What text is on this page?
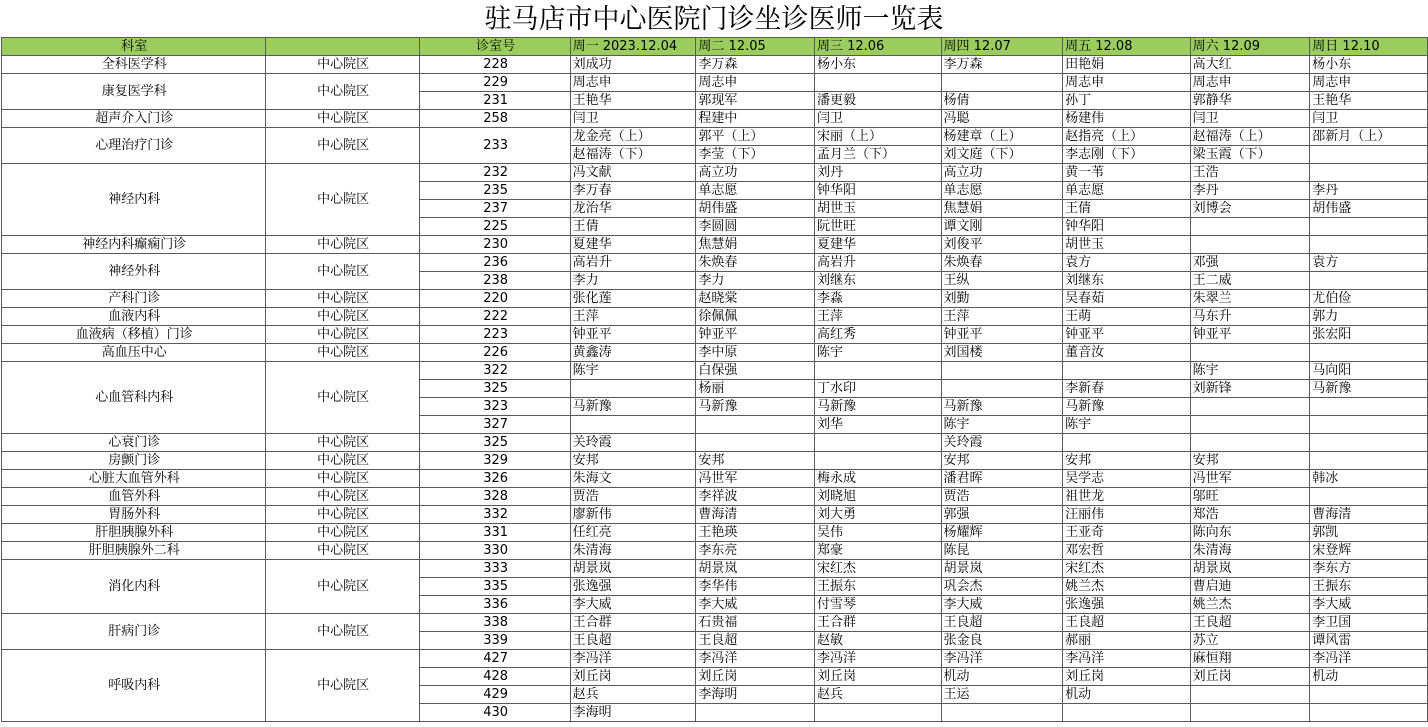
驻马店市中心医院门诊坐诊医师一览表
科室		诊室号	周一 2023.12.04	周二 12.05	周三 12.06	周四 12.07	周五 12.08	周六 12.09	周日 12.10
全科医学科	中心院区	228	刘成功	李万森	杨小东	李万森	田艳娟	高大红	杨小东
康复医学科	中心院区	229	周志申	周志申			周志申	周志申	周志申
		231	王艳华	郭现军	潘更毅	杨倩	孙丁	郭静华	王艳华
超声介入门诊	中心院区	258	闫卫	程建中	闫卫	冯聪	杨建伟	闫卫	闫卫
心理治疗门诊	中心院区	233	龙金亮（上）	郭平（上）	宋丽（上）	杨建章（上）	赵指亮（上）	赵福涛（上）	邵新月（上）
			赵福涛（下）	李莹（下）	孟月兰（下）	刘文庭（下）	李志刚（下）	梁玉霞（下）	
神经内科	中心院区	232	冯文献	高立功	刘丹	高立功	黄一苇	王浩	
		235	李万春	单志愿	钟华阳	单志愿	单志愿	李丹	李丹
		237	龙治华	胡伟盛	胡世玉	焦慧娟	王倩	刘博会	胡伟盛
		225	王倩	李圆圆	阮世旺	谭文刚	钟华阳		
神经内科癫痫门诊	中心院区	230	夏建华	焦慧娟	夏建华	刘俊平	胡世玉		
神经外科	中心院区	236	高岩升	朱焕春	高岩升	朱焕春	袁方	邓强	袁方
		238	李力	李力	刘继东	王纵	刘继东	王二威	
产科门诊	中心院区	220	张化莲	赵晓棠	李淼	刘勤	吴春茹	朱翠兰	尤伯俭
血液内科	中心院区	222	王萍	徐佩佩	王萍	王萍	王萌	马东升	郭力
血液病（移植）门诊	中心院区	223	钟亚平	钟亚平	高红秀	钟亚平	钟亚平	钟亚平	张宏阳
高血压中心	中心院区	226	黄鑫涛	李中原	陈宇	刘国楼	董音汝		
心血管科内科	中心院区	322	陈宇	白保强				陈宇	马向阳
		325		杨丽	丁水印		李新春	刘新锋	马新豫
		323	马新豫	马新豫	马新豫	马新豫	马新豫		
		327			刘华	陈宇	陈宇		
心衰门诊	中心院区	325	关玲霞			关玲霞			
房颤门诊	中心院区	329	安邦	安邦		安邦	安邦	安邦	
心脏大血管外科	中心院区	326	朱海文	冯世军	梅永成	潘君晖	吴学志	冯世军	韩冰
血管外科	中心院区	328	贾浩	李祥波	刘晓旭	贾浩	祖世龙	邬旺	
胃肠外科	中心院区	332	廖新伟	曹海清	刘大勇	郭强	汪丽伟	郑浩	曹海清
肝胆胰腺外科	中心院区	331	任红亮	王艳瑛	吴伟	杨耀辉	王亚奇	陈向东	郭凯
肝胆胰腺外二科	中心院区	330	朱清海	李东亮	郑豪	陈昆	邓宏哲	朱清海	宋登辉
消化内科	中心院区	333	胡景岚	胡景岚	宋红杰	胡景岚	宋红杰	胡景岚	李东方
		335	张逸强	李华伟	王振东	巩会杰	姚兰杰	曹启迪	王振东
		336	李大威	李大威	付雪琴	李大威	张逸强	姚兰杰	李大威
肝病门诊	中心院区	338	王合群	石贵福	王合群	王良超	王良超	王良超	李卫国
		339	王良超	王良超	赵敏	张金良	郝丽	苏立	谭风雷
呼吸内科	中心院区	427	李冯洋	李冯洋	李冯洋	李冯洋	李冯洋	麻恒翔	李冯洋
		428	刘丘岗	刘丘岗	刘丘岗	机动	刘丘岗	刘丘岗	机动
		429	赵兵	李海明	赵兵	王运	机动		
		430	李海明						
